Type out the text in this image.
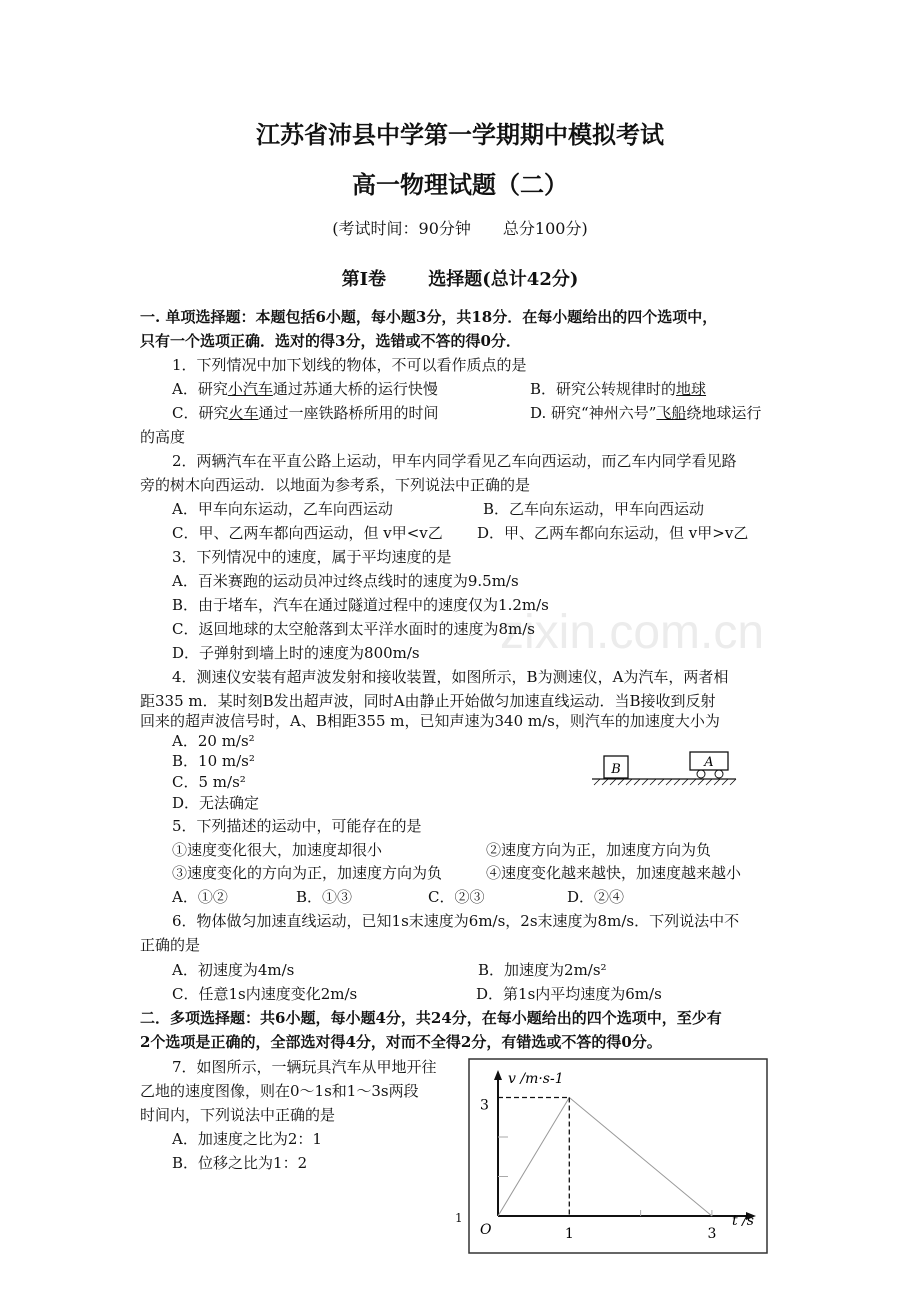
zixin.com.cn
江苏省沛县中学第一学期期中模拟考试
高一物理试题（二）
(考试时间：90分钟　　总分100分)
第Ⅰ卷　　 选择题(总计42分)
一. 单项选择题：本题包括6小题，每小题3分，共18分．在每小题给出的四个选项中，
只有一个选项正确．选对的得3分，选错或不答的得0分．
1．下列情况中加下划线的物体，不可以看作质点的是
A．研究小汽车通过苏通大桥的运行快慢	B．研究公转规律时的地球
C．研究火车通过一座铁路桥所用的时间	D. 研究“神州六号”飞船绕地球运行
的高度
2．两辆汽车在平直公路上运动，甲车内同学看见乙车向西运动，而乙车内同学看见路
旁的树木向西运动．以地面为参考系，下列说法中正确的是
A．甲车向东运动，乙车向西运动	B．乙车向东运动，甲车向西运动
C．甲、乙两车都向西运动，但 v甲<v乙 D．甲、乙两车都向东运动，但 v甲>v乙
3．下列情况中的速度，属于平均速度的是
A．百米赛跑的运动员冲过终点线时的速度为9.5m/s
B．由于堵车，汽车在通过隧道过程中的速度仅为1.2m/s
C．返回地球的太空舱落到太平洋水面时的速度为8m/s
D．子弹射到墙上时的速度为800m/s
4．测速仪安装有超声波发射和接收装置，如图所示，B为测速仪，A为汽车，两者相
距335 m．某时刻B发出超声波，同时A由静止开始做匀加速直线运动．当B接收到反射
回来的超声波信号时，A、B相距355 m，已知声速为340 m/s，则汽车的加速度大小为
A．20 m/s²
B．10 m/s²
C．5 m/s²
D．无法确定
B	A
5．下列描述的运动中，可能存在的是
①速度变化很大，加速度却很小	②速度方向为正，加速度方向为负
③速度变化的方向为正，加速度方向为负	④速度变化越来越快，加速度越来越小
A．①②	B．①③	C．②③	D．②④
6．物体做匀加速直线运动，已知1s末速度为6m/s，2s末速度为8m/s．下列说法中不
正确的是
A．初速度为4m/s	B．加速度为2m/s²
C．任意1s内速度变化2m/s	D．第1s内平均速度为6m/s
二．多项选择题：共6小题，每小题4分，共24分，在每小题给出的四个选项中，至少有
2个选项是正确的，全部选对得4分，对而不全得2分，有错选或不答的得0分。
7．如图所示，一辆玩具汽车从甲地开往
乙地的速度图像，则在0～1s和1～3s两段
时间内，下列说法中正确的是
A．加速度之比为2：1
B．位移之比为1：2
1
3
1	3
v /m·s-1
t /s
O
